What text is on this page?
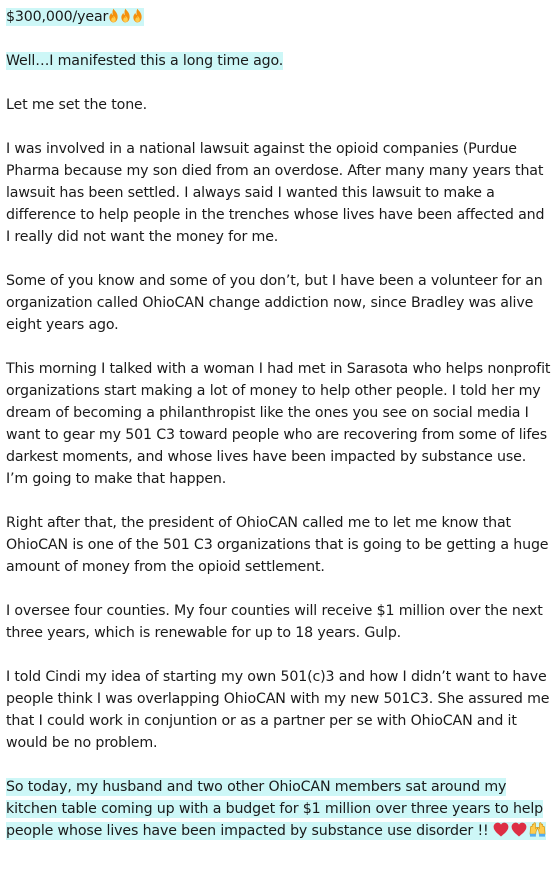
$300,000/year

Well…I manifested this a long time ago.

Let me set the tone.

I was involved in a national lawsuit against the opioid companies (Purdue Pharma because my son died from an overdose. After many many years that lawsuit has been settled. I always said I wanted this lawsuit to make a difference to help people in the trenches whose lives have been affected and I really did not want the money for me.

Some of you know and some of you don’t, but I have been a volunteer for an organization called OhioCAN change addiction now, since Bradley was alive eight years ago.

This morning I talked with a woman I had met in Sarasota who helps nonprofit organizations start making a lot of money to help other people. I told her my dream of becoming a philanthropist like the ones you see on social media I want to gear my 501 C3 toward people who are recovering from some of lifes darkest moments, and whose lives have been impacted by substance use. I’m going to make that happen.

Right after that, the president of OhioCAN called me to let me know that OhioCAN is one of the 501 C3 organizations that is going to be getting a huge amount of money from the opioid settlement.

I oversee four counties. My four counties will receive $1 million over the next three years, which is renewable for up to 18 years. Gulp.

I told Cindi my idea of starting my own 501(c)3 and how I didn’t want to have people think I was overlapping OhioCAN with my new 501C3. She assured me that I could work in conjuntion or as a partner per se with OhioCAN and it would be no problem.

So today, my husband and two other OhioCAN members sat around my kitchen table coming up with a budget for $1 million over three years to help people whose lives have been impacted by substance use disorder !!
